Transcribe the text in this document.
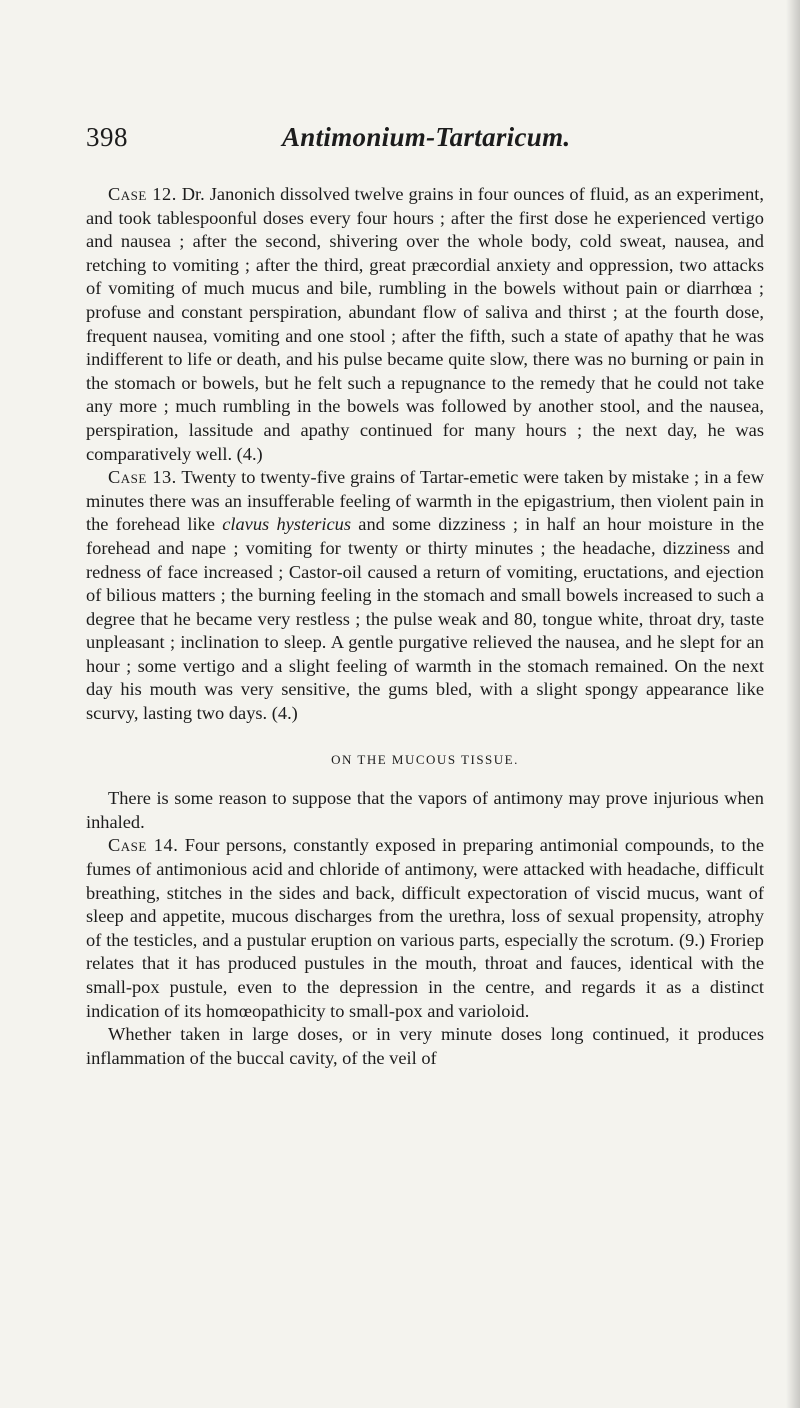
398	Antimonium-Tartaricum.

Case 12. Dr. Janonich dissolved twelve grains in four ounces of fluid, as an experiment, and took tablespoonful doses every four hours ; after the first dose he experienced vertigo and nausea ; after the second, shivering over the whole body, cold sweat, nausea, and retching to vomiting ; after the third, great præcordial anxiety and oppression, two attacks of vomiting of much mucus and bile, rumbling in the bowels without pain or diarrhœa ; profuse and constant perspiration, abundant flow of saliva and thirst ; at the fourth dose, frequent nausea, vomiting and one stool ; after the fifth, such a state of apathy that he was indifferent to life or death, and his pulse became quite slow, there was no burning or pain in the stomach or bowels, but he felt such a repugnance to the remedy that he could not take any more ; much rumbling in the bowels was followed by another stool, and the nausea, perspiration, lassitude and apathy continued for many hours ; the next day, he was comparatively well. (4.)

Case 13. Twenty to twenty-five grains of Tartar-emetic were taken by mistake ; in a few minutes there was an insufferable feeling of warmth in the epigastrium, then violent pain in the forehead like clavus hystericus and some dizziness ; in half an hour moisture in the forehead and nape ; vomiting for twenty or thirty minutes ; the headache, dizziness and redness of face increased ; Castor-oil caused a return of vomiting, eructations, and ejection of bilious matters ; the burning feeling in the stomach and small bowels increased to such a degree that he became very restless ; the pulse weak and 80, tongue white, throat dry, taste unpleasant ; inclination to sleep. A gentle purgative relieved the nausea, and he slept for an hour ; some vertigo and a slight feeling of warmth in the stomach remained. On the next day his mouth was very sensitive, the gums bled, with a slight spongy appearance like scurvy, lasting two days. (4.)

ON THE MUCOUS TISSUE.

There is some reason to suppose that the vapors of antimony may prove injurious when inhaled.

Case 14. Four persons, constantly exposed in preparing antimonial compounds, to the fumes of antimonious acid and chloride of antimony, were attacked with headache, difficult breathing, stitches in the sides and back, difficult expectoration of viscid mucus, want of sleep and appetite, mucous discharges from the urethra, loss of sexual propensity, atrophy of the testicles, and a pustular eruption on various parts, especially the scrotum. (9.) Froriep relates that it has produced pustules in the mouth, throat and fauces, identical with the small-pox pustule, even to the depression in the centre, and regards it as a distinct indication of its homœopathicity to small-pox and varioloid.

Whether taken in large doses, or in very minute doses long continued, it produces inflammation of the buccal cavity, of the veil of
